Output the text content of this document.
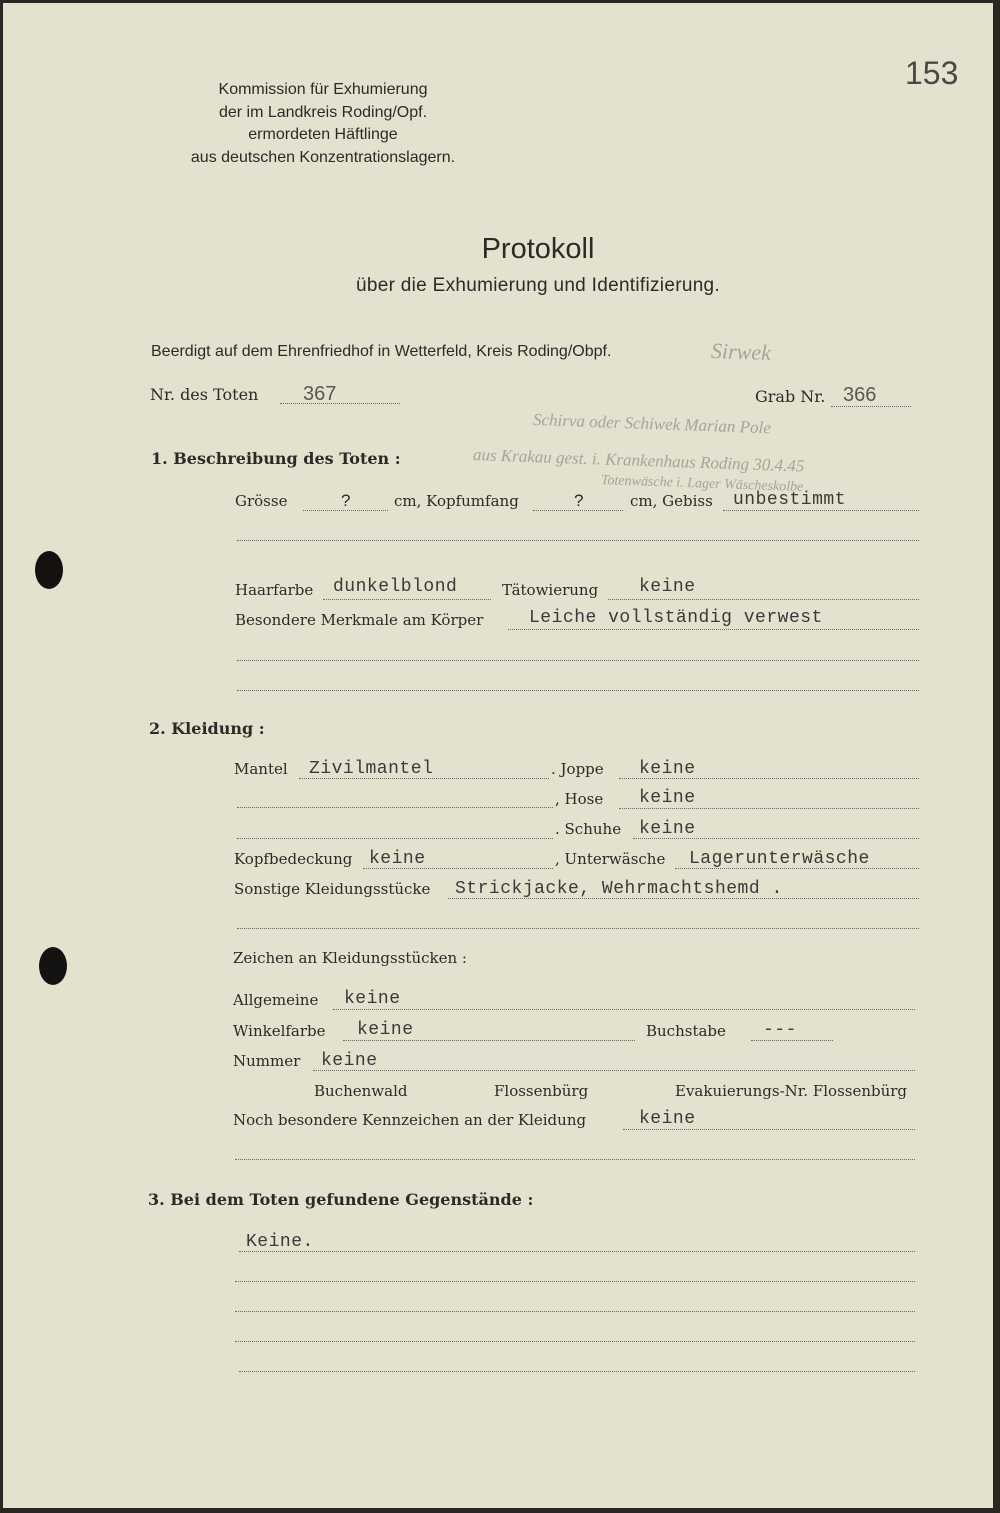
Kommission für Exhumierung
der im Landkreis Roding/Opf.
ermordeten Häftlinge
aus deutschen Konzentrationslagern.
153
Protokoll
über die Exhumierung und Identifizierung.
Beerdigt auf dem Ehrenfriedhof in Wetterfeld, Kreis Roding/Obpf.	Sirwek
Nr. des Toten 367	Grab Nr. 366
Schirva oder Schiwek Marian Pole
aus Krakau gest. i. Krankenhaus Roding 30.4.45
Totenwäsche i. Lager Wäscheskolbe
1. Beschreibung des Toten :
Grösse	?	cm, Kopfumfang	?	cm, Gebiss unbestimmt
Haarfarbe dunkelblond	Tätowierung keine
Besondere Merkmale am Körper	Leiche vollständig verwest
2. Kleidung :
Mantel Zivilmantel	. Joppe keine
, Hose keine
. Schuhe keine
Kopfbedeckung keine	, Unterwäsche Lagerunterwäsche
Sonstige Kleidungsstücke Strickjacke, Wehrmachtshemd .
Zeichen an Kleidungsstücken :
Allgemeine keine
Winkelfarbe keine	Buchstabe ---
Nummer keine
Buchenwald	Flossenbürg	Evakuierungs-Nr. Flossenbürg
Noch besondere Kennzeichen an der Kleidung	keine
3. Bei dem Toten gefundene Gegenstände :
Keine.
